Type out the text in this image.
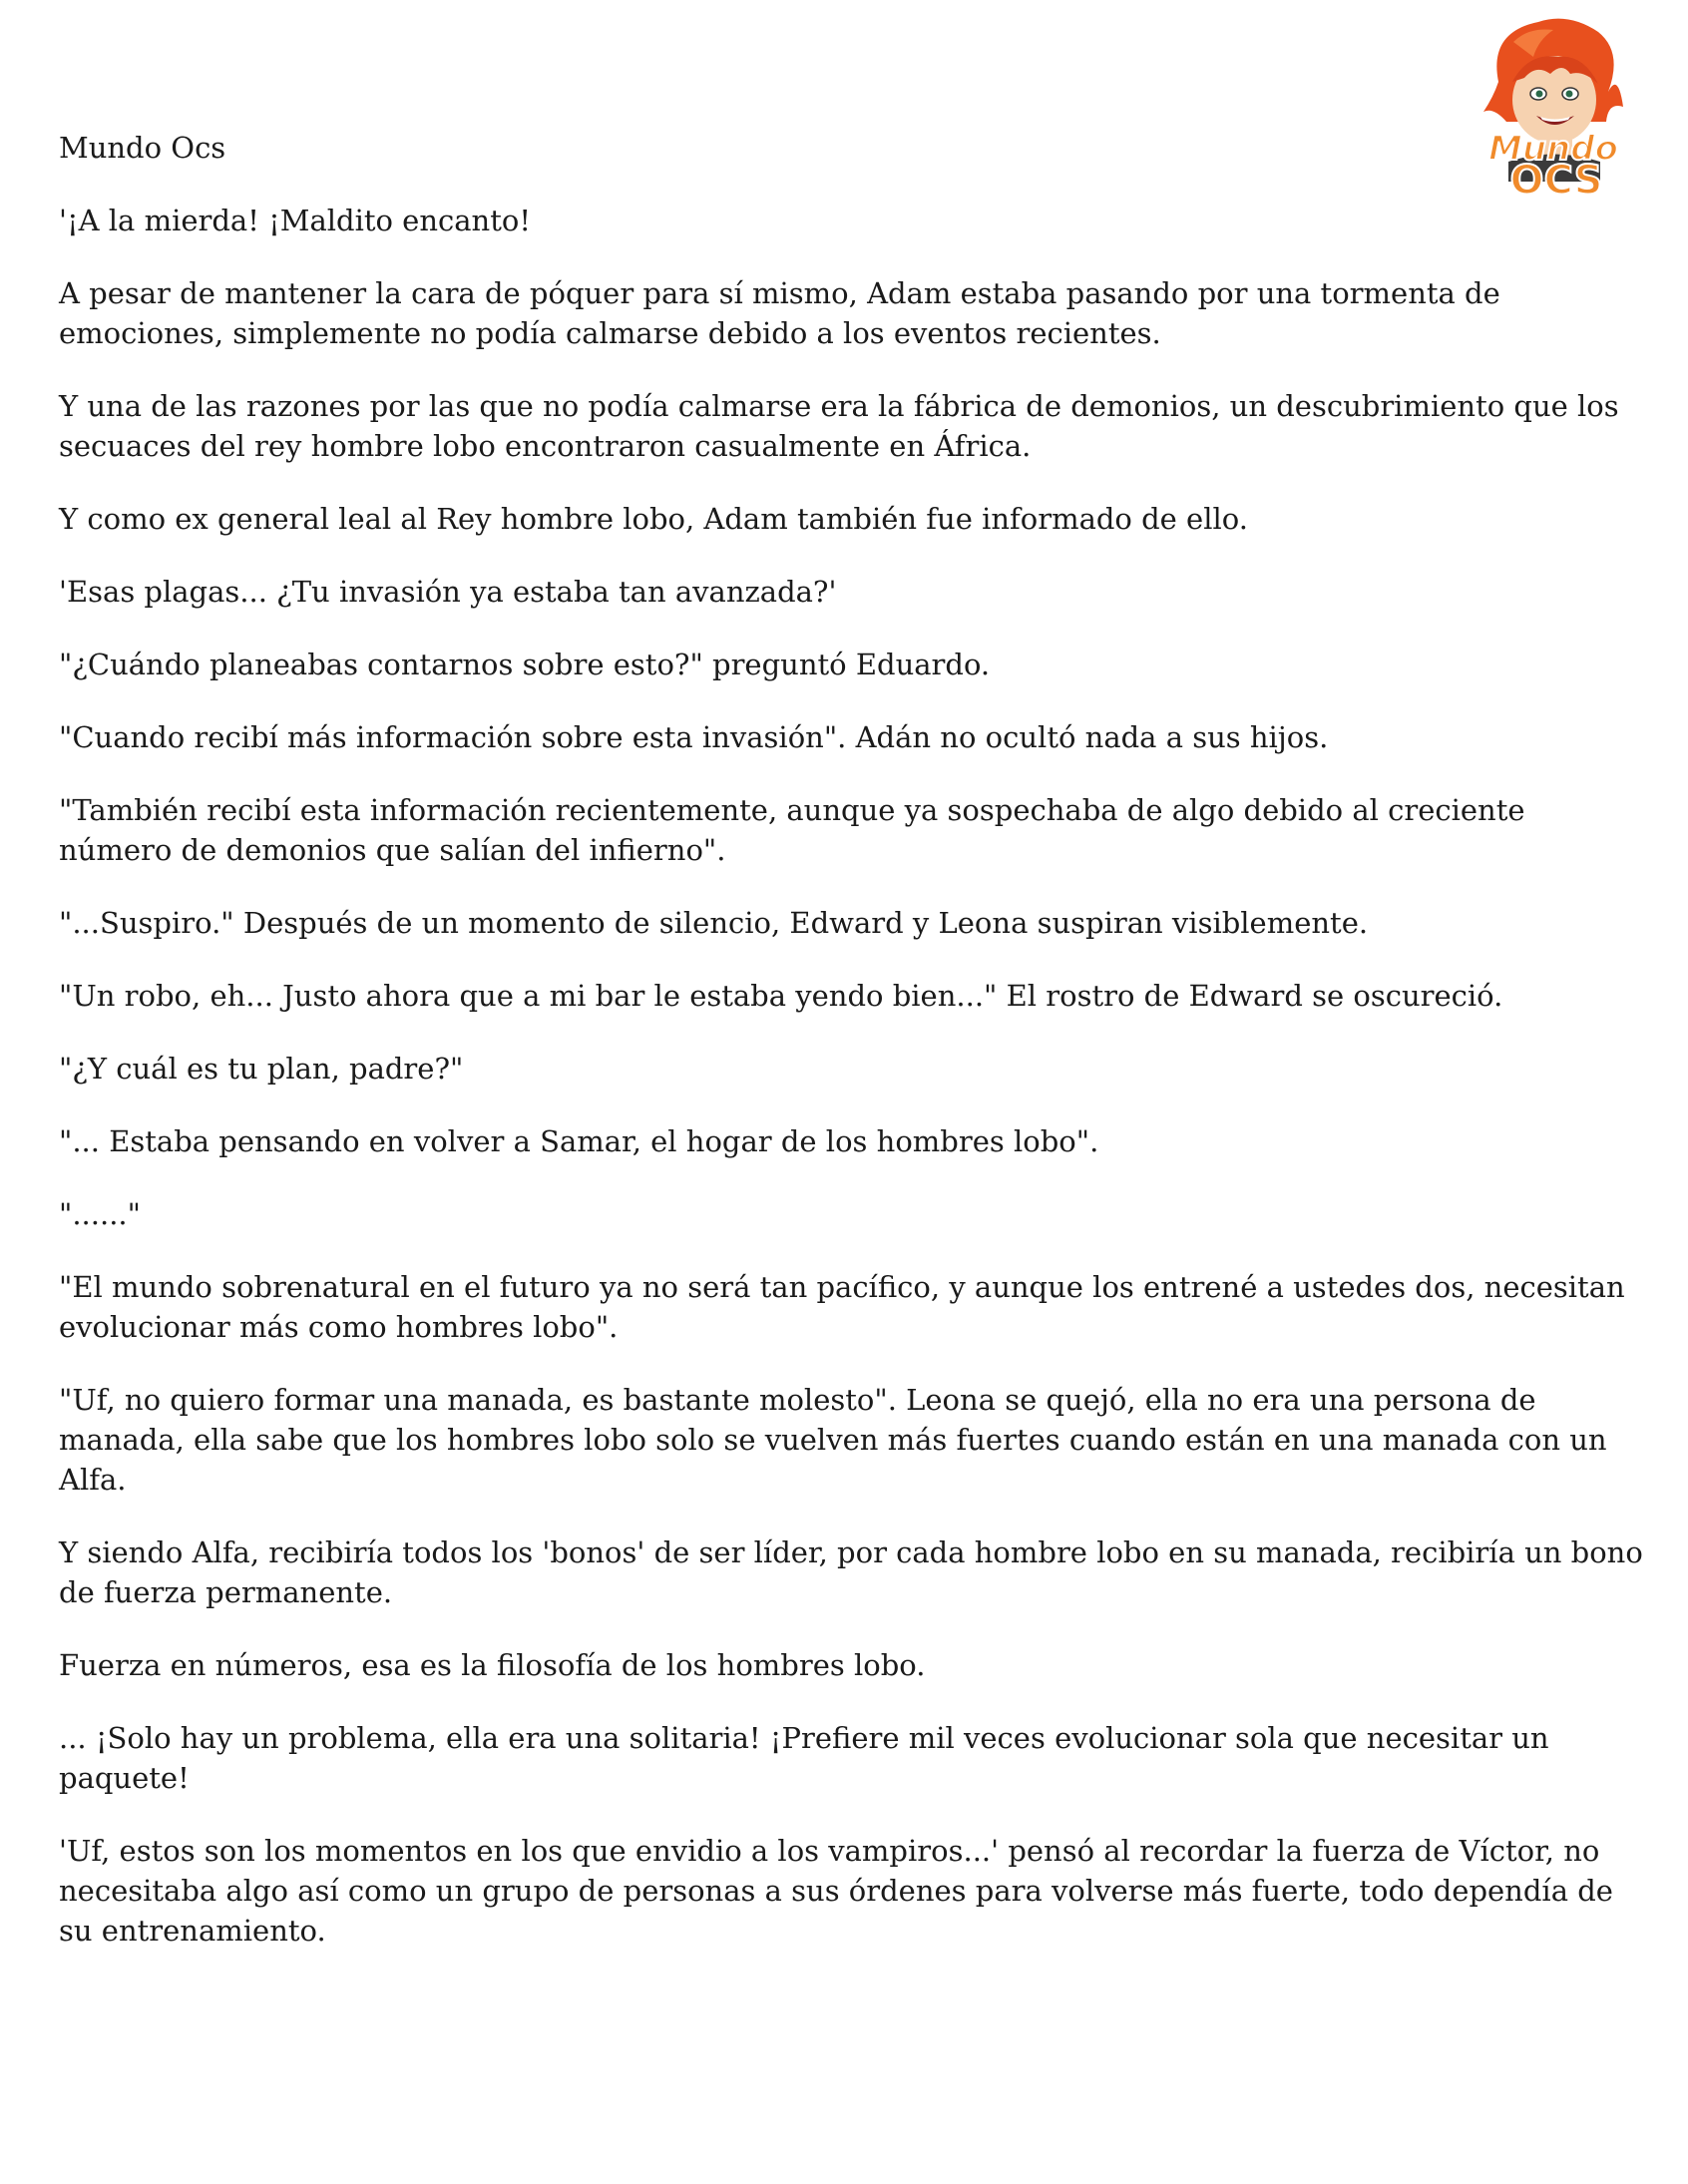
Mundo
OCS

Mundo Ocs

'¡A la mierda! ¡Maldito encanto!

A pesar de mantener la cara de póquer para sí mismo, Adam estaba pasando por una tormenta de emociones, simplemente no podía calmarse debido a los eventos recientes.

Y una de las razones por las que no podía calmarse era la fábrica de demonios, un descubrimiento que los secuaces del rey hombre lobo encontraron casualmente en África.

Y como ex general leal al Rey hombre lobo, Adam también fue informado de ello.

'Esas plagas... ¿Tu invasión ya estaba tan avanzada?'

"¿Cuándo planeabas contarnos sobre esto?" preguntó Eduardo.

"Cuando recibí más información sobre esta invasión". Adán no ocultó nada a sus hijos.

"También recibí esta información recientemente, aunque ya sospechaba de algo debido al creciente número de demonios que salían del infierno".

"...Suspiro." Después de un momento de silencio, Edward y Leona suspiran visiblemente.

"Un robo, eh... Justo ahora que a mi bar le estaba yendo bien..." El rostro de Edward se oscureció.

"¿Y cuál es tu plan, padre?"

"... Estaba pensando en volver a Samar, el hogar de los hombres lobo".

"......"

"El mundo sobrenatural en el futuro ya no será tan pacífico, y aunque los entrené a ustedes dos, necesitan evolucionar más como hombres lobo".

"Uf, no quiero formar una manada, es bastante molesto". Leona se quejó, ella no era una persona de manada, ella sabe que los hombres lobo solo se vuelven más fuertes cuando están en una manada con un Alfa.

Y siendo Alfa, recibiría todos los 'bonos' de ser líder, por cada hombre lobo en su manada, recibiría un bono de fuerza permanente.

Fuerza en números, esa es la filosofía de los hombres lobo.

... ¡Solo hay un problema, ella era una solitaria! ¡Prefiere mil veces evolucionar sola que necesitar un paquete!

'Uf, estos son los momentos en los que envidio a los vampiros...' pensó al recordar la fuerza de Víctor, no necesitaba algo así como un grupo de personas a sus órdenes para volverse más fuerte, todo dependía de su entrenamiento.
